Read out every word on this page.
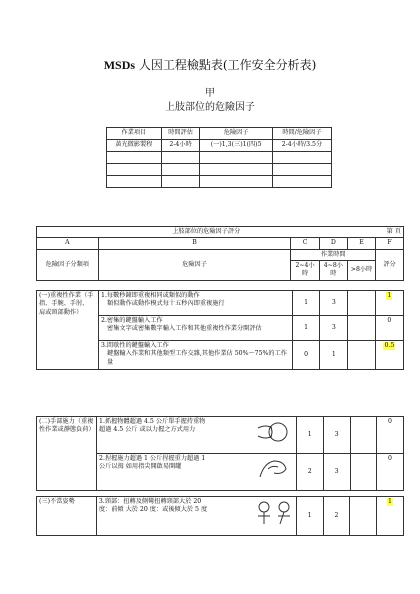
MSDs 人因工程檢點表(工作安全分析表)
甲
上肢部位的危險因子
作業項目	時間評估	危險因子	時間/危險因子
黃光微影製程	2-4小時	(一)1,3(三)1(四)5	2-4小時/3.5分

上肢部位的危險因子評分					第 頁
A	B	C	D	E	F
危險因子分類項	危險因子	作業時間			評分
		2~4小時	4~8小時	>8小時	
(一)重複性作業（手指、手腕、手肘、 肩或頸部動作）	1.每數秒鐘即重複相同或類似的動作
類似動作或動作模式每十五秒內即重複施行	1	3		1
	2.密集的鍵盤輸入工作
密集文字或密集數字輸入工作和其他重複性作業分開評估	1	3		0
	3.間歇性的鍵盤輸入工作
鍵盤輸入作業和其他類型工作交雜,其他作業佔 50%～75%的工作量	0	1		0.5
(二)手部施力（重複性作業或靜態負荷）	1.抓握物體超過 4.5 公斤單手握持重物超過 4.5 公斤 或以力握之方式用力	1	3		0

	2.捏握施力超過 1 公斤捏握重力超過 1 公斤以拇 如用指尖開啟易開罐	2	3		0
(三)不當姿勢	3.頸部：扭轉及側彎扭轉頸部大於 20 度：前傾 大於 20 度：或後傾大於 5 度
	1	2		1
